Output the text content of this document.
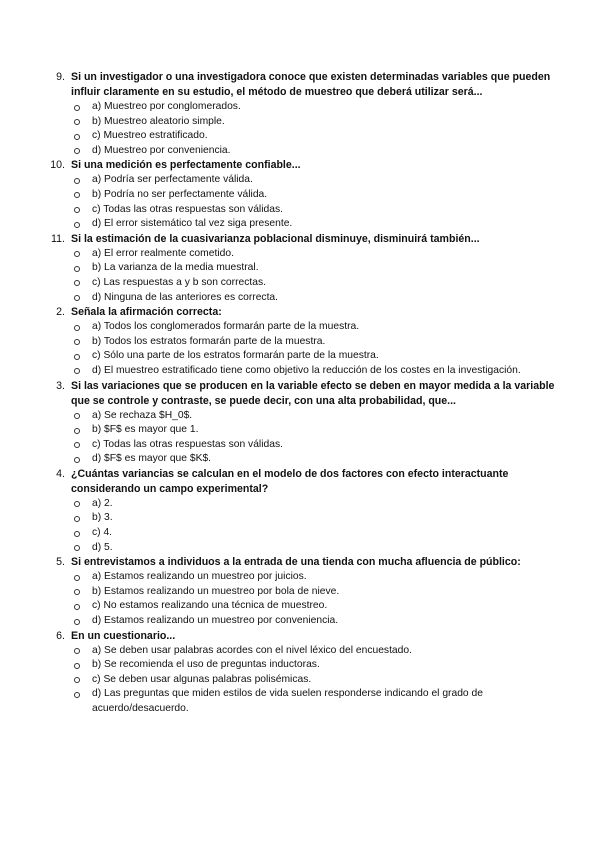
9. Si un investigador o una investigadora conoce que existen determinadas variables que pueden influir claramente en su estudio, el método de muestreo que deberá utilizar será...
a) Muestreo por conglomerados.
b) Muestreo aleatorio simple.
c) Muestreo estratificado.
d) Muestreo por conveniencia.
10. Si una medición es perfectamente confiable...
a) Podría ser perfectamente válida.
b) Podría no ser perfectamente válida.
c) Todas las otras respuestas son válidas.
d) El error sistemático tal vez siga presente.
11. Si la estimación de la cuasivarianza poblacional disminuye, disminuirá también...
a) El error realmente cometido.
b) La varianza de la media muestral.
c) Las respuestas a y b son correctas.
d) Ninguna de las anteriores es correcta.
2. Señala la afirmación correcta:
a) Todos los conglomerados formarán parte de la muestra.
b) Todos los estratos formarán parte de la muestra.
c) Sólo una parte de los estratos formarán parte de la muestra.
d) El muestreo estratificado tiene como objetivo la reducción de los costes en la investigación.
3. Si las variaciones que se producen en la variable efecto se deben en mayor medida a la variable que se controle y contraste, se puede decir, con una alta probabilidad, que...
a) Se rechaza $H_0$.
b) $F$ es mayor que 1.
c) Todas las otras respuestas son válidas.
d) $F$ es mayor que $K$.
4. ¿Cuántas variancias se calculan en el modelo de dos factores con efecto interactuante considerando un campo experimental?
a) 2.
b) 3.
c) 4.
d) 5.
5. Si entrevistamos a individuos a la entrada de una tienda con mucha afluencia de público:
a) Estamos realizando un muestreo por juicios.
b) Estamos realizando un muestreo por bola de nieve.
c) No estamos realizando una técnica de muestreo.
d) Estamos realizando un muestreo por conveniencia.
6. En un cuestionario...
a) Se deben usar palabras acordes con el nivel léxico del encuestado.
b) Se recomienda el uso de preguntas inductoras.
c) Se deben usar algunas palabras polisémicas.
d) Las preguntas que miden estilos de vida suelen responderse indicando el grado de acuerdo/desacuerdo.
